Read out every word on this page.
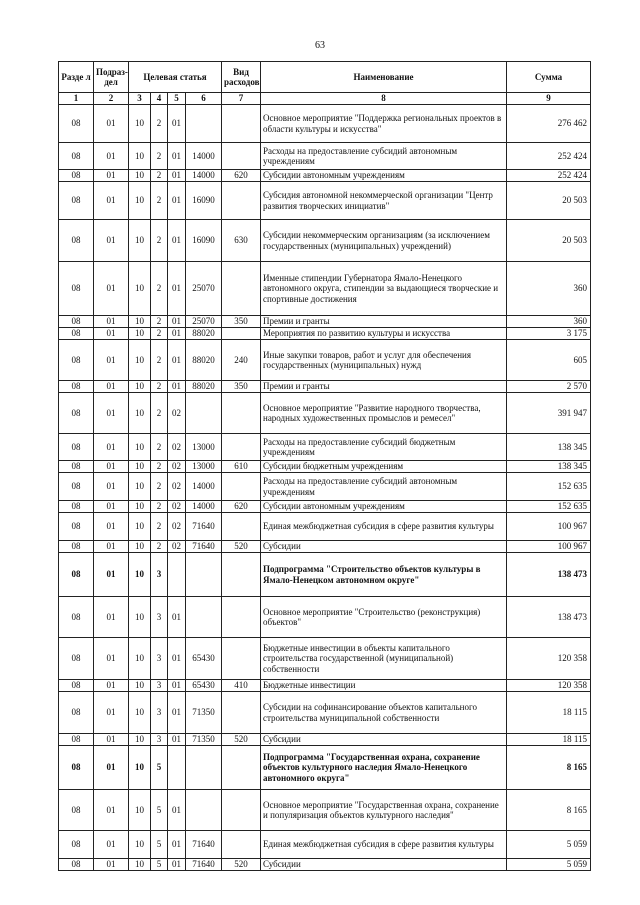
63
Разде л	Подраз- дел	Целевая статья				Вид расходов	Наименование	Сумма
1	2	3	4	5	6	7	8	9
08	01	10	2	01			Основное мероприятие "Поддержка региональных проектов в области культуры и искусства"	276 462
08	01	10	2	01	14000		Расходы на предоставление субсидий автономным учреждениям	252 424
08	01	10	2	01	14000	620	Субсидии автономным учреждениям	252 424
08	01	10	2	01	16090		Субсидия автономной некоммерческой организации "Центр развития творческих инициатив"	20 503
08	01	10	2	01	16090	630	Субсидии некоммерческим организациям (за исключением государственных (муниципальных) учреждений)	20 503
08	01	10	2	01	25070		Именные стипендии Губернатора Ямало-Ненецкого автономного округа, стипендии за выдающиеся творческие и спортивные достижения	360
08	01	10	2	01	25070	350	Премии и гранты	360
08	01	10	2	01	88020		Мероприятия по развитию культуры и искусства	3 175
08	01	10	2	01	88020	240	Иные закупки товаров, работ и услуг для обеспечения государственных (муниципальных) нужд	605
08	01	10	2	01	88020	350	Премии и гранты	2 570
08	01	10	2	02			Основное мероприятие "Развитие народного творчества, народных художественных промыслов и ремесел"	391 947
08	01	10	2	02	13000		Расходы на предоставление субсидий бюджетным учреждениям	138 345
08	01	10	2	02	13000	610	Субсидии бюджетным учреждениям	138 345
08	01	10	2	02	14000		Расходы на предоставление субсидий автономным учреждениям	152 635
08	01	10	2	02	14000	620	Субсидии автономным учреждениям	152 635
08	01	10	2	02	71640		Единая межбюджетная субсидия в сфере развития культуры	100 967
08	01	10	2	02	71640	520	Субсидии	100 967
08	01	10	3				Подпрограмма "Строительство объектов культуры в Ямало-Ненецком автономном округе"	138 473
08	01	10	3	01			Основное мероприятие "Строительство (реконструкция) объектов"	138 473
08	01	10	3	01	65430		Бюджетные инвестиции в объекты капитального строительства государственной (муниципальной) собственности	120 358
08	01	10	3	01	65430	410	Бюджетные инвестиции	120 358
08	01	10	3	01	71350		Субсидии на софинансирование объектов капитального строительства муниципальной собственности	18 115
08	01	10	3	01	71350	520	Субсидии	18 115
08	01	10	5				Подпрограмма "Государственная охрана, сохранение объектов культурного наследия Ямало-Ненецкого автономного округа"	8 165
08	01	10	5	01			Основное мероприятие "Государственная охрана, сохранение и популяризация объектов культурного наследия"	8 165
08	01	10	5	01	71640		Единая межбюджетная субсидия в сфере развития культуры	5 059
08	01	10	5	01	71640	520	Субсидии	5 059
